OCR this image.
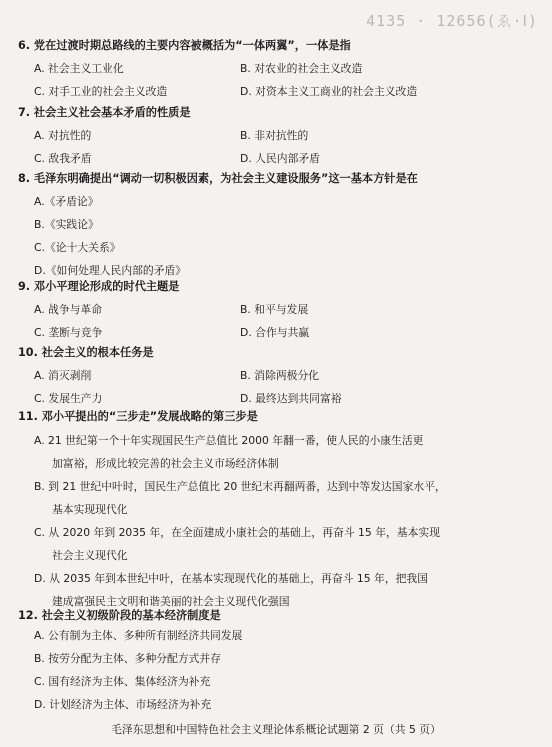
4135 · 12656(ゑ·Ⅰ)
6. 党在过渡时期总路线的主要内容被概括为“一体两翼”，一体是指
A. 社会主义工业化	B. 对农业的社会主义改造
C. 对手工业的社会主义改造	D. 对资本主义工商业的社会主义改造
7. 社会主义社会基本矛盾的性质是
A. 对抗性的	B. 非对抗性的
C. 敌我矛盾	D. 人民内部矛盾
8. 毛泽东明确提出“调动一切积极因素，为社会主义建设服务”这一基本方针是在
A.《矛盾论》
B.《实践论》
C.《论十大关系》
D.《如何处理人民内部的矛盾》
9. 邓小平理论形成的时代主题是
A. 战争与革命	B. 和平与发展
C. 垄断与竞争	D. 合作与共赢
10. 社会主义的根本任务是
A. 消灭剥削	B. 消除两极分化
C. 发展生产力	D. 最终达到共同富裕
11. 邓小平提出的“三步走”发展战略的第三步是
A. 21 世纪第一个十年实现国民生产总值比 2000 年翻一番，使人民的小康生活更
加富裕，形成比较完善的社会主义市场经济体制
B. 到 21 世纪中叶时，国民生产总值比 20 世纪末再翻两番，达到中等发达国家水平，
基本实现现代化
C. 从 2020 年到 2035 年，在全面建成小康社会的基础上，再奋斗 15 年，基本实现
社会主义现代化
D. 从 2035 年到本世纪中叶，在基本实现现代化的基础上，再奋斗 15 年，把我国
建成富强民主文明和谐美丽的社会主义现代化强国
12. 社会主义初级阶段的基本经济制度是
A. 公有制为主体、多种所有制经济共同发展
B. 按劳分配为主体、多种分配方式并存
C. 国有经济为主体、集体经济为补充
D. 计划经济为主体、市场经济为补充
毛泽东思想和中国特色社会主义理论体系概论试题第 2 页（共 5 页）
